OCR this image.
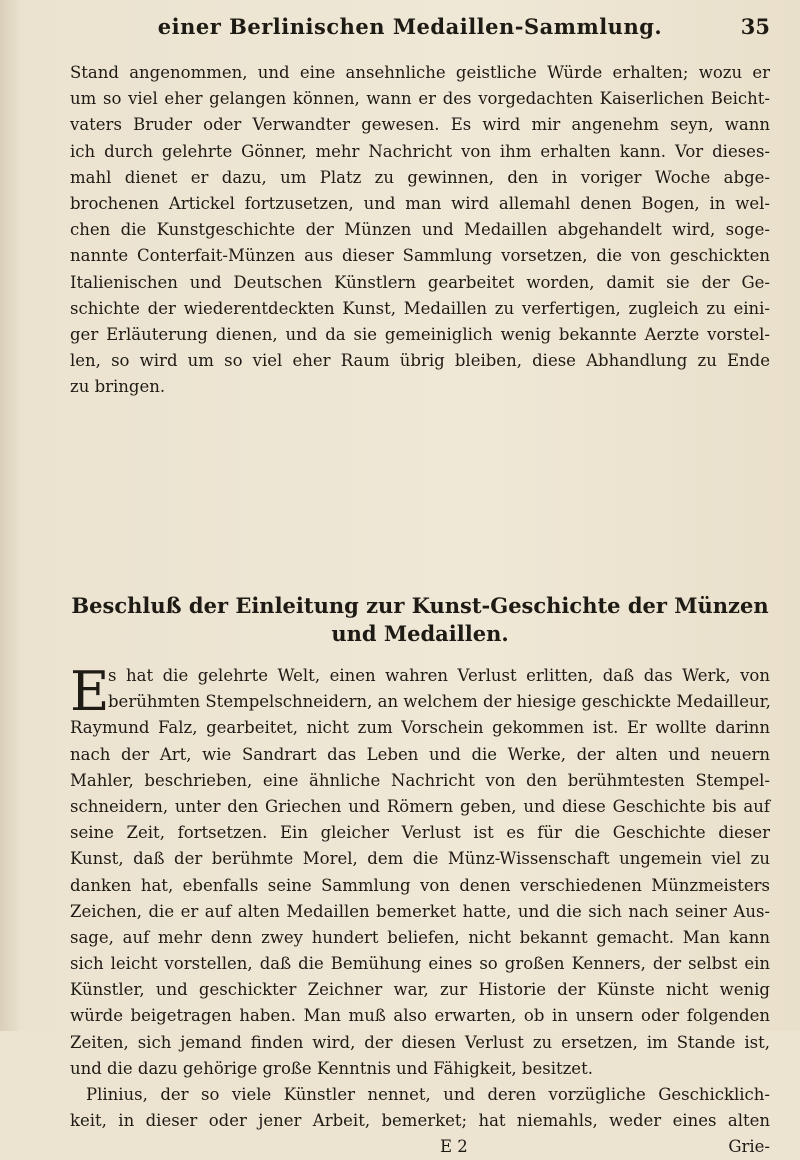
einer Berlinischen Medaillen-Sammlung.	35
Stand angenommen, und eine ansehnliche geistliche Würde erhalten; wozu er
um so viel eher gelangen können, wann er des vorgedachten Kaiserlichen Beicht-
vaters Bruder oder Verwandter gewesen. Es wird mir angenehm seyn, wann
ich durch gelehrte Gönner, mehr Nachricht von ihm erhalten kann. Vor dieses-
mahl dienet er dazu, um Platz zu gewinnen, den in voriger Woche abge-
brochenen Artickel fortzusetzen, und man wird allemahl denen Bogen, in wel-
chen die Kunstgeschichte der Münzen und Medaillen abgehandelt wird, soge-
nannte Conterfait-Münzen aus dieser Sammlung vorsetzen, die von geschickten
Italienischen und Deutschen Künstlern gearbeitet worden, damit sie der Ge-
schichte der wiederentdeckten Kunst, Medaillen zu verfertigen, zugleich zu eini-
ger Erläuterung dienen, und da sie gemeiniglich wenig bekannte Aerzte vorstel-
len, so wird um so viel eher Raum übrig bleiben, diese Abhandlung zu Ende
zu bringen.
Beschluß der Einleitung zur Kunst-Geschichte der Münzen
und Medaillen.
E
s hat die gelehrte Welt, einen wahren Verlust erlitten, daß das Werk, von
berühmten Stempelschneidern, an welchem der hiesige geschickte Medailleur,
Raymund Falz, gearbeitet, nicht zum Vorschein gekommen ist. Er wollte darinn
nach der Art, wie Sandrart das Leben und die Werke, der alten und neuern
Mahler, beschrieben, eine ähnliche Nachricht von den berühmtesten Stempel-
schneidern, unter den Griechen und Römern geben, und diese Geschichte bis auf
seine Zeit, fortsetzen. Ein gleicher Verlust ist es für die Geschichte dieser
Kunst, daß der berühmte Morel, dem die Münz-Wissenschaft ungemein viel zu
danken hat, ebenfalls seine Sammlung von denen verschiedenen Münzmeisters
Zeichen, die er auf alten Medaillen bemerket hatte, und die sich nach seiner Aus-
sage, auf mehr denn zwey hundert beliefen, nicht bekannt gemacht. Man kann
sich leicht vorstellen, daß die Bemühung eines so großen Kenners, der selbst ein
Künstler, und geschickter Zeichner war, zur Historie der Künste nicht wenig
würde beigetragen haben. Man muß also erwarten, ob in unsern oder folgenden
Zeiten, sich jemand finden wird, der diesen Verlust zu ersetzen, im Stande ist,
und die dazu gehörige große Kenntnis und Fähigkeit, besitzet.
Plinius, der so viele Künstler nennet, und deren vorzügliche Geschicklich-
keit, in dieser oder jener Arbeit, bemerket; hat niemahls, weder eines alten
E 2	Grie-
